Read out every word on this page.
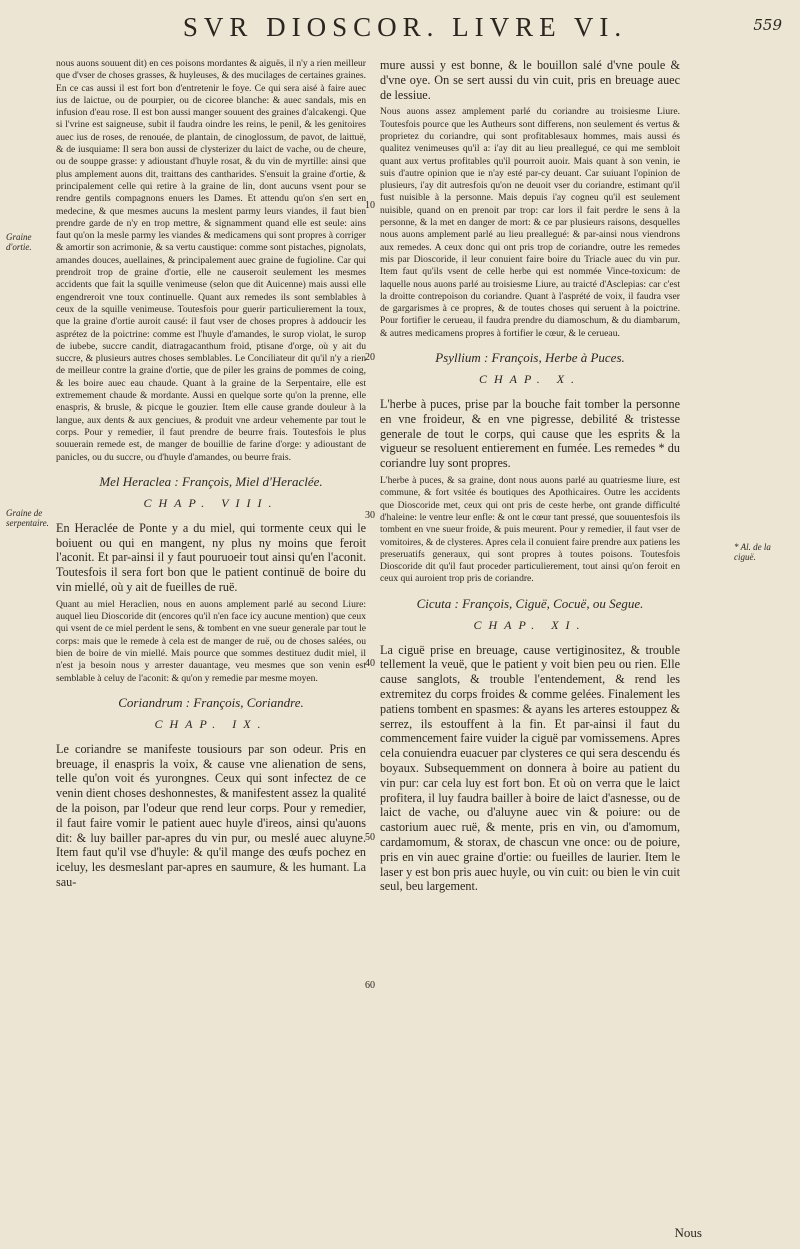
SVR DIOSCOR. LIVRE VI.	559
Graine d'ortie.
Graine de serpentaire.
* Al. de la ciguë.
10
20
30
40
50
60

nous auons souuent dit) en ces poisons mordantes & aiguës, il n'y a rien meilleur que d'vser de choses grasses, & huyleuses, & des mucilages de certaines graines. En ce cas aussi il est fort bon d'entretenir le foye. Ce qui sera aisé à faire auec ius de laictue, ou de pourpier, ou de cicoree blanche: & auec sandals, mis en infusion d'eau rose. Il est bon aussi manger souuent des graines d'alcakengi. Que si l'vrine est saigneuse, subit il faudra oindre les reins, le penil, & les genitoires auec ius de roses, de renouée, de plantain, de cinoglossum, de pavot, de laittuë, & de iusquiame: Il sera bon aussi de clysterizer du laict de vache, ou de cheure, ou de souppe grasse: y adioustant d'huyle rosat, & du vin de myrtille: ainsi que plus amplement auons dit, traittans des cantharides. S'ensuit la graine d'ortie, & principalement celle qui retire à la graine de lin, dont aucuns vsent pour se rendre gentils compagnons enuers les Dames. Et attendu qu'on s'en sert en medecine, & que mesmes aucuns la meslent parmy leurs viandes, il faut bien prendre garde de n'y en trop mettre, & signamment quand elle est seule: ains faut qu'on la mesle parmy les viandes & medicamens qui sont propres à corriger & amortir son acrimonie, & sa vertu caustique: comme sont pistaches, pignolats, amandes douces, auellaines, & principalement auec graine de fugioline. Car qui prendroit trop de graine d'ortie, elle ne causeroit seulement les mesmes accidents que fait la squille venimeuse (selon que dit Auicenne) mais aussi elle engendreroit vne toux continuelle. Quant aux remedes ils sont semblables à ceux de la squille venimeuse. Toutesfois pour guerir particulierement la toux, que la graine d'ortie auroit causé: il faut vser de choses propres à addoucir les asprétez de la poictrine: comme est l'huyle d'amandes, le surop violat, le surop de iubebe, succre candit, diatragacanthum froid, ptisane d'orge, où y ait du succre, & plusieurs autres choses semblables. Le Conciliateur dit qu'il n'y a rien de meilleur contre la graine d'ortie, que de piler les grains de pommes de coing, & les boire auec eau chaude. Quant à la graine de la Serpentaire, elle est extremement chaude & mordante. Aussi en quelque sorte qu'on la prenne, elle enaspris, & brusle, & picque le gouzier. Item elle cause grande douleur à la langue, aux dents & aux genciues, & produit vne ardeur vehemente par tout le corps. Pour y remedier, il faut prendre de beurre frais. Toutesfois le plus souuerain remede est, de manger de bouillie de farine d'orge: y adioustant de panicles, ou du succre, ou d'huyle d'amandes, ou beurre frais.

Mel Heraclea : François, Miel d'Heraclée.
CHAP. VIII.

En Heraclée de Ponte y a du miel, qui tormente ceux qui le boiuent ou qui en mangent, ny plus ny moins que feroit l'aconit. Et par-ainsi il y faut pouruoeir tout ainsi qu'en l'aconit. Toutesfois il sera fort bon que le patient continuë de boire du vin miellé, où y ait de fueilles de ruë.

Quant au miel Heraclien, nous en auons amplement parlé au second Liure: auquel lieu Dioscoride dit (encores qu'il n'en face icy aucune mention) que ceux qui vsent de ce miel perdent le sens, & tombent en vne sueur generale par tout le corps: mais que le remede à cela est de manger de ruë, ou de choses salées, ou bien de boire de vin miellé. Mais pource que sommes destituez dudit miel, il n'est ja besoin nous y arrester dauantage, veu mesmes que son venin est semblable à celuy de l'aconit: & qu'on y remedie par mesme moyen.

Coriandrum : François, Coriandre.
CHAP. IX.

Le coriandre se manifeste tousiours par son odeur. Pris en breuage, il enaspris la voix, & cause vne alienation de sens, telle qu'on voit és yurongnes. Ceux qui sont infectez de ce venin dient choses deshonnestes, & manifestent assez la qualité de la poison, par l'odeur que rend leur corps. Pour y remedier, il faut faire vomir le patient auec huyle d'ireos, ainsi qu'auons dit: & luy bailler par-apres du vin pur, ou meslé auec aluyne. Item faut qu'il vse d'huyle: & qu'il mange des œufs pochez en iceluy, les desmeslant par-apres en saumure, & les humant. La sau-

mure aussi y est bonne, & le bouillon salé d'vne poule & d'vne oye. On se sert aussi du vin cuit, pris en breuage auec de lessiue.

Nous auons assez amplement parlé du coriandre au troisiesme Liure. Toutesfois pource que les Autheurs sont differens, non seulement és vertus & proprietez du coriandre, qui sont profitablesaux hommes, mais aussi és qualitez venimeuses qu'il a: i'ay dit au lieu preallegué, ce qui me sembloit quant aux vertus profitables qu'il pourroit auoir. Mais quant à son venin, ie suis d'autre opinion que ie n'ay esté par-cy deuant. Car suiuant l'opinion de plusieurs, i'ay dit autresfois qu'on ne deuoit vser du coriandre, estimant qu'il fust nuisible à la personne. Mais depuis i'ay cogneu qu'il est seulement nuisible, quand on en prenoit par trop: car lors il fait perdre le sens à la personne, & la met en danger de mort: & ce par plusieurs raisons, desquelles nous auons amplement parlé au lieu preallegué: & par-ainsi nous viendrons aux remedes. A ceux donc qui ont pris trop de coriandre, outre les remedes mis par Dioscoride, il leur conuient faire boire du Triacle auec du vin pur. Item faut qu'ils vsent de celle herbe qui est nommée Vince-toxicum: de laquelle nous auons parlé au troisiesme Liure, au traicté d'Asclepias: car c'est la droitte contrepoison du coriandre. Quant à l'asprété de voix, il faudra vser de gargarismes à ce propres, & de toutes choses qui seruent à la poictrine. Pour fortifier le cerueau, il faudra prendre du diamoschum, & du diambarum, & autres medicamens propres à fortifier le cœur, & le cerueau.

Psyllium : François, Herbe à Puces.
CHAP. X.

L'herbe à puces, prise par la bouche fait tomber la personne en vne froideur, & en vne pigresse, debilité & tristesse generale de tout le corps, qui cause que les esprits & la vigueur se resoluent entierement en fumée. Les remedes * du coriandre luy sont propres.

L'herbe à puces, & sa graine, dont nous auons parlé au quatriesme liure, est commune, & fort vsitée és boutiques des Apothicaires. Outre les accidents que Dioscoride met, ceux qui ont pris de ceste herbe, ont grande difficulté d'haleine: le ventre leur enfle: & ont le cœur tant pressé, que souuentesfois ils tombent en vne sueur froide, & puis meurent. Pour y remedier, il faut vser de vomitoires, & de clysteres. Apres cela il conuient faire prendre aux patiens les preseruatifs generaux, qui sont propres à toutes poisons. Toutesfois Dioscoride dit qu'il faut proceder particulierement, tout ainsi qu'on feroit en ceux qui auroient trop pris de coriandre.

Cicuta : François, Ciguë, Cocuë, ou Segue.
CHAP. XI.

La ciguë prise en breuage, cause vertiginositez, & trouble tellement la veuë, que le patient y voit bien peu ou rien. Elle cause sanglots, & trouble l'entendement, & rend les extremitez du corps froides & comme gelées. Finalement les patiens tombent en spasmes: & ayans les arteres estouppez & serrez, ils estouffent à la fin. Et par-ainsi il faut du commencement faire vuider la ciguë par vomissemens. Apres cela conuiendra euacuer par clysteres ce qui sera descendu és boyaux. Subsequemment on donnera à boire au patient du vin pur: car cela luy est fort bon. Et où on verra que le laict profitera, il luy faudra bailler à boire de laict d'asnesse, ou de laict de vache, ou d'aluyne auec vin & poiure: ou de castorium auec ruë, & mente, pris en vin, ou d'amomum, cardamomum, & storax, de chascun vne once: ou de poiure, pris en vin auec graine d'ortie: ou fueilles de laurier. Item le laser y est bon pris auec huyle, ou vin cuit: ou bien le vin cuit seul, beu largement.

Nous
